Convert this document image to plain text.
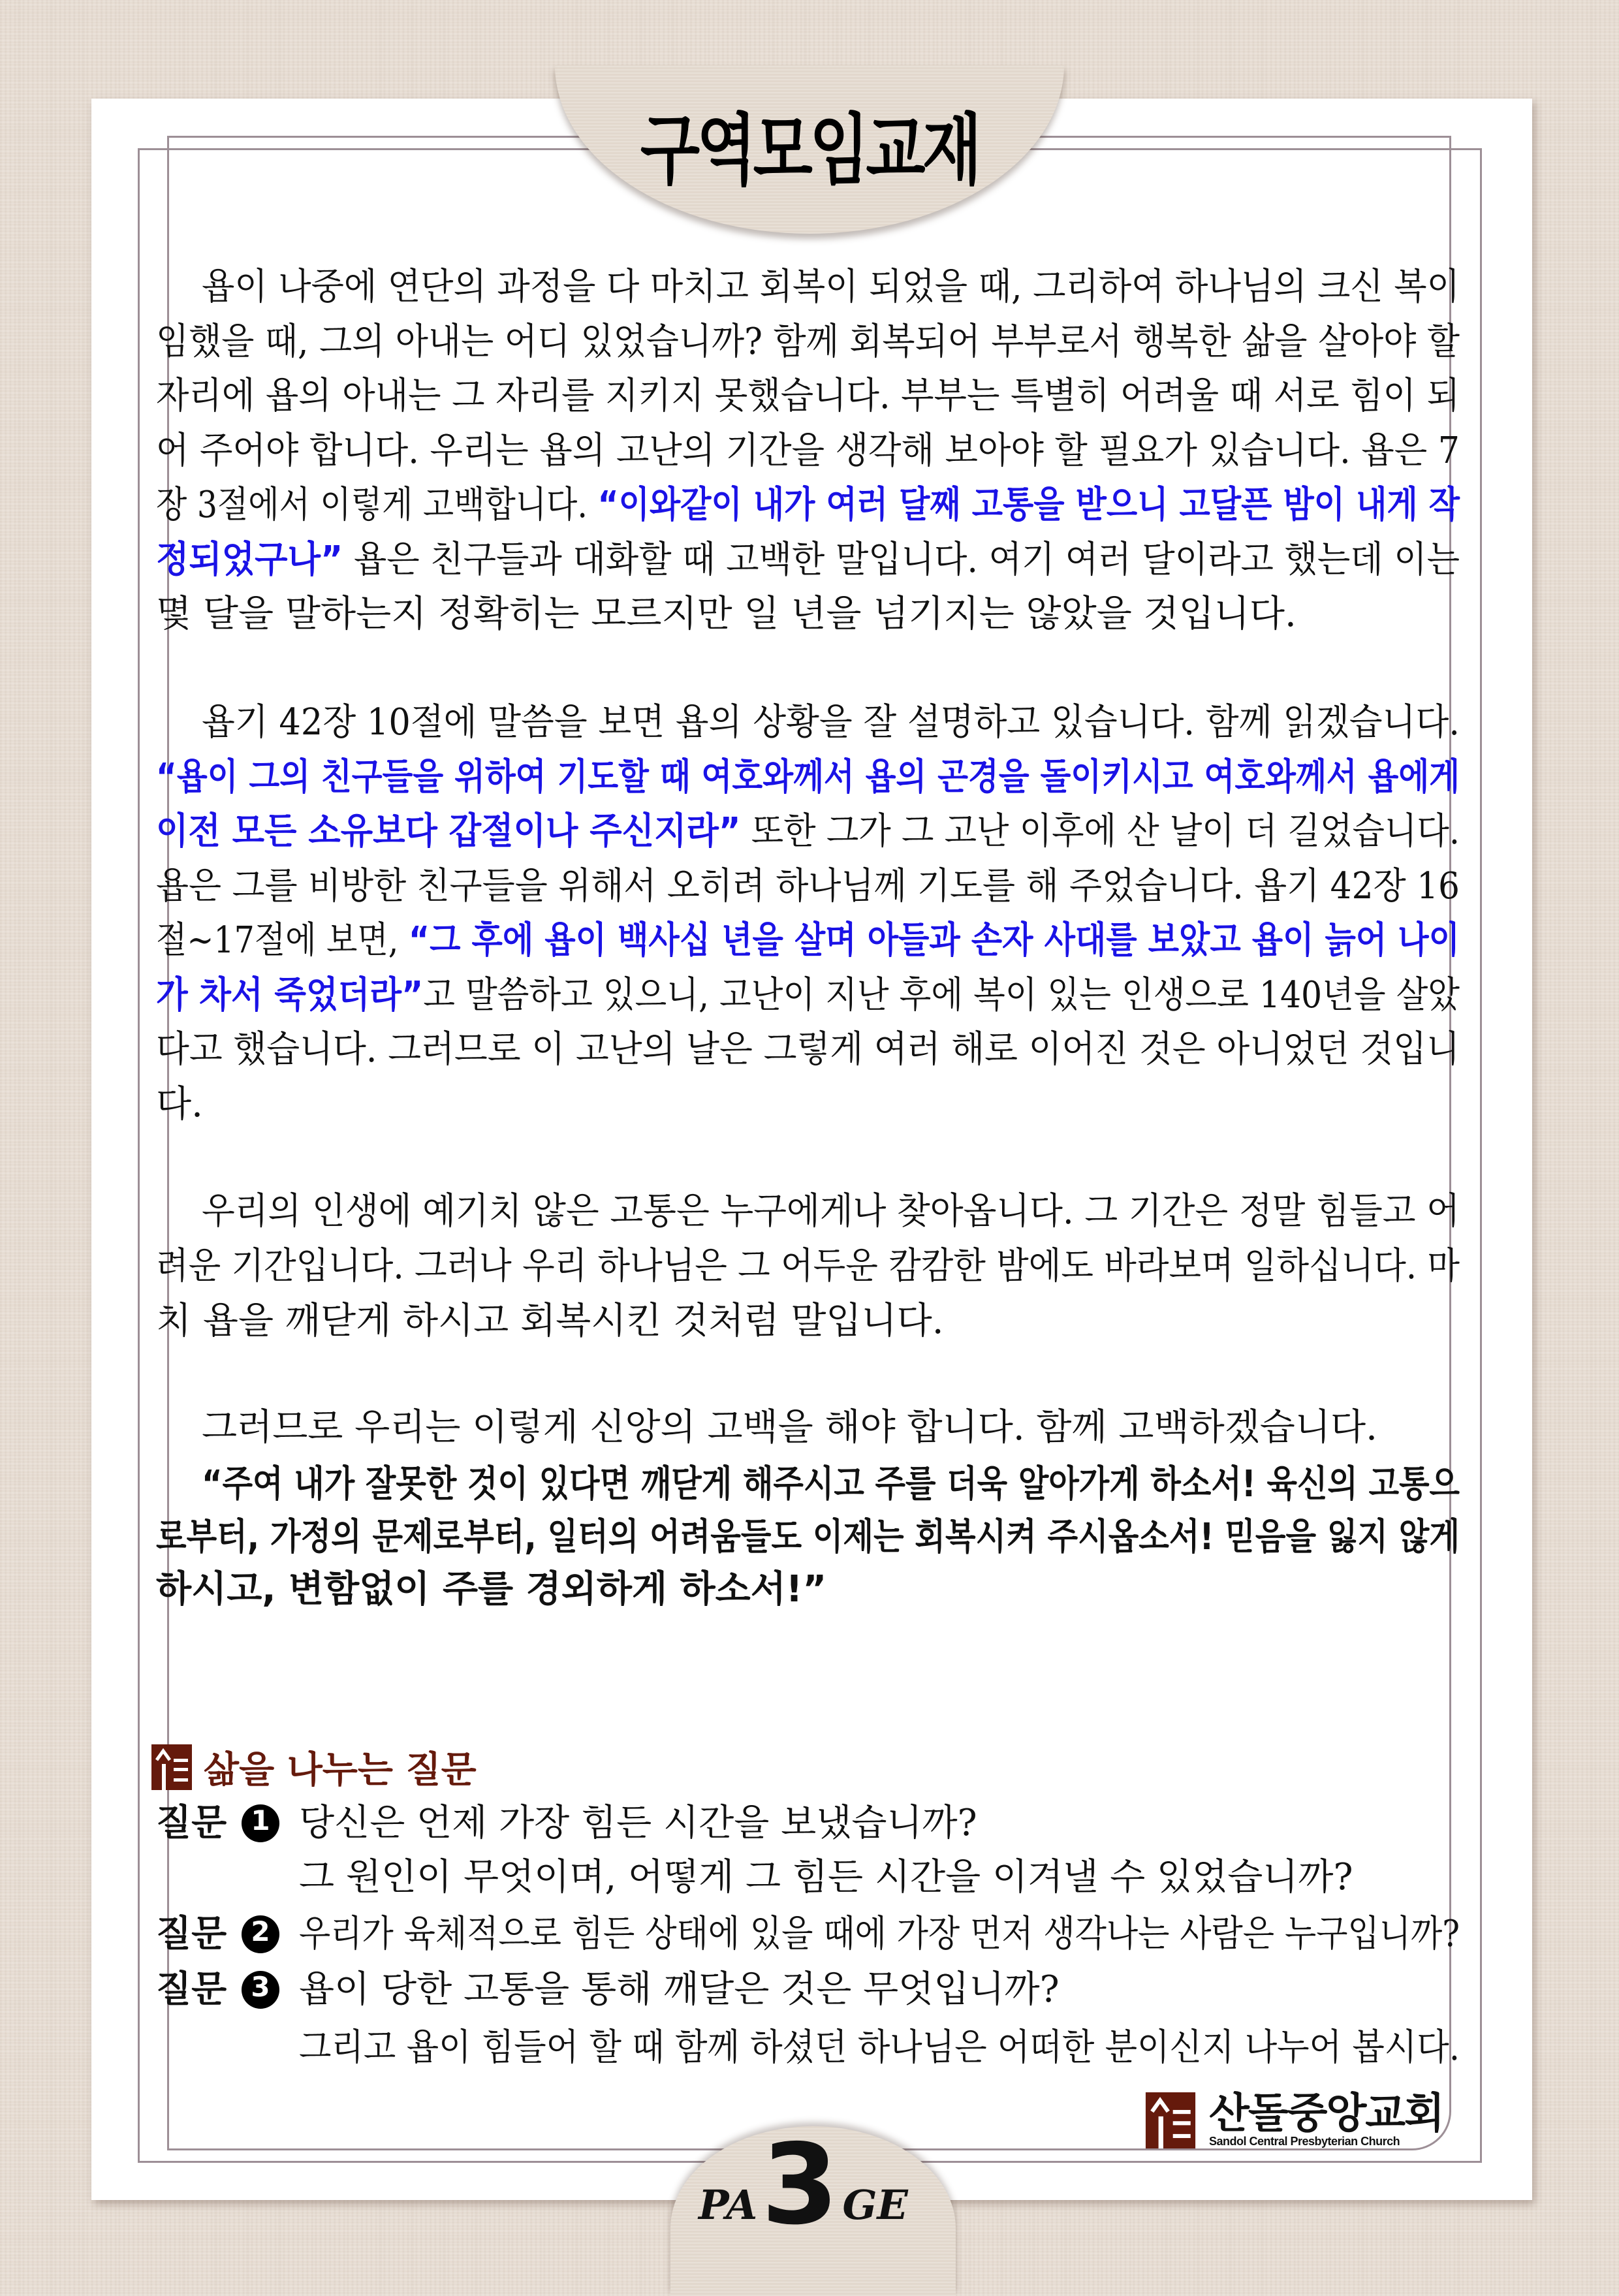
구역모임교재
욥이 나중에 연단의 과정을 다 마치고 회복이 되었을 때, 그리하여 하나님의 크신 복이
임했을 때, 그의 아내는 어디 있었습니까? 함께 회복되어 부부로서 행복한 삶을 살아야 할
자리에 욥의 아내는 그 자리를 지키지 못했습니다. 부부는 특별히 어려울 때 서로 힘이 되
어 주어야 합니다. 우리는 욥의 고난의 기간을 생각해 보아야 할 필요가 있습니다. 욥은 7
장 3절에서 이렇게 고백합니다. “이와같이 내가 여러 달째 고통을 받으니 고달픈 밤이 내게 작
정되었구나” 욥은 친구들과 대화할 때 고백한 말입니다. 여기 여러 달이라고 했는데 이는
몇 달을 말하는지 정확히는 모르지만 일 년을 넘기지는 않았을 것입니다.
욥기 42장 10절에 말씀을 보면 욥의 상황을 잘 설명하고 있습니다. 함께 읽겠습니다.
“욥이 그의 친구들을 위하여 기도할 때 여호와께서 욥의 곤경을 돌이키시고 여호와께서 욥에게
이전 모든 소유보다 갑절이나 주신지라” 또한 그가 그 고난 이후에 산 날이 더 길었습니다.
욥은 그를 비방한 친구들을 위해서 오히려 하나님께 기도를 해 주었습니다. 욥기 42장 16
절~17절에 보면, “그 후에 욥이 백사십 년을 살며 아들과 손자 사대를 보았고 욥이 늙어 나이
가 차서 죽었더라”고 말씀하고 있으니, 고난이 지난 후에 복이 있는 인생으로 140년을 살았
다고 했습니다. 그러므로 이 고난의 날은 그렇게 여러 해로 이어진 것은 아니었던 것입니
다.
우리의 인생에 예기치 않은 고통은 누구에게나 찾아옵니다. 그 기간은 정말 힘들고 어
려운 기간입니다. 그러나 우리 하나님은 그 어두운 캄캄한 밤에도 바라보며 일하십니다. 마
치 욥을 깨닫게 하시고 회복시킨 것처럼 말입니다.
그러므로 우리는 이렇게 신앙의 고백을 해야 합니다. 함께 고백하겠습니다.
“주여 내가 잘못한 것이 있다면 깨닫게 해주시고 주를 더욱 알아가게 하소서! 육신의 고통으
로부터, 가정의 문제로부터, 일터의 어려움들도 이제는 회복시켜 주시옵소서! 믿음을 잃지 않게
하시고, 변함없이 주를 경외하게 하소서!”
삶을 나누는 질문
질문 1 당신은 언제 가장 힘든 시간을 보냈습니까?
그 원인이 무엇이며, 어떻게 그 힘든 시간을 이겨낼 수 있었습니까?
질문 2 우리가 육체적으로 힘든 상태에 있을 때에 가장 먼저 생각나는 사람은 누구입니까?
질문 3 욥이 당한 고통을 통해 깨달은 것은 무엇입니까?
그리고 욥이 힘들어 할 때 함께 하셨던 하나님은 어떠한 분이신지 나누어 봅시다.
산돌중앙교회
Sandol Central Presbyterian Church
PA 3 GE
